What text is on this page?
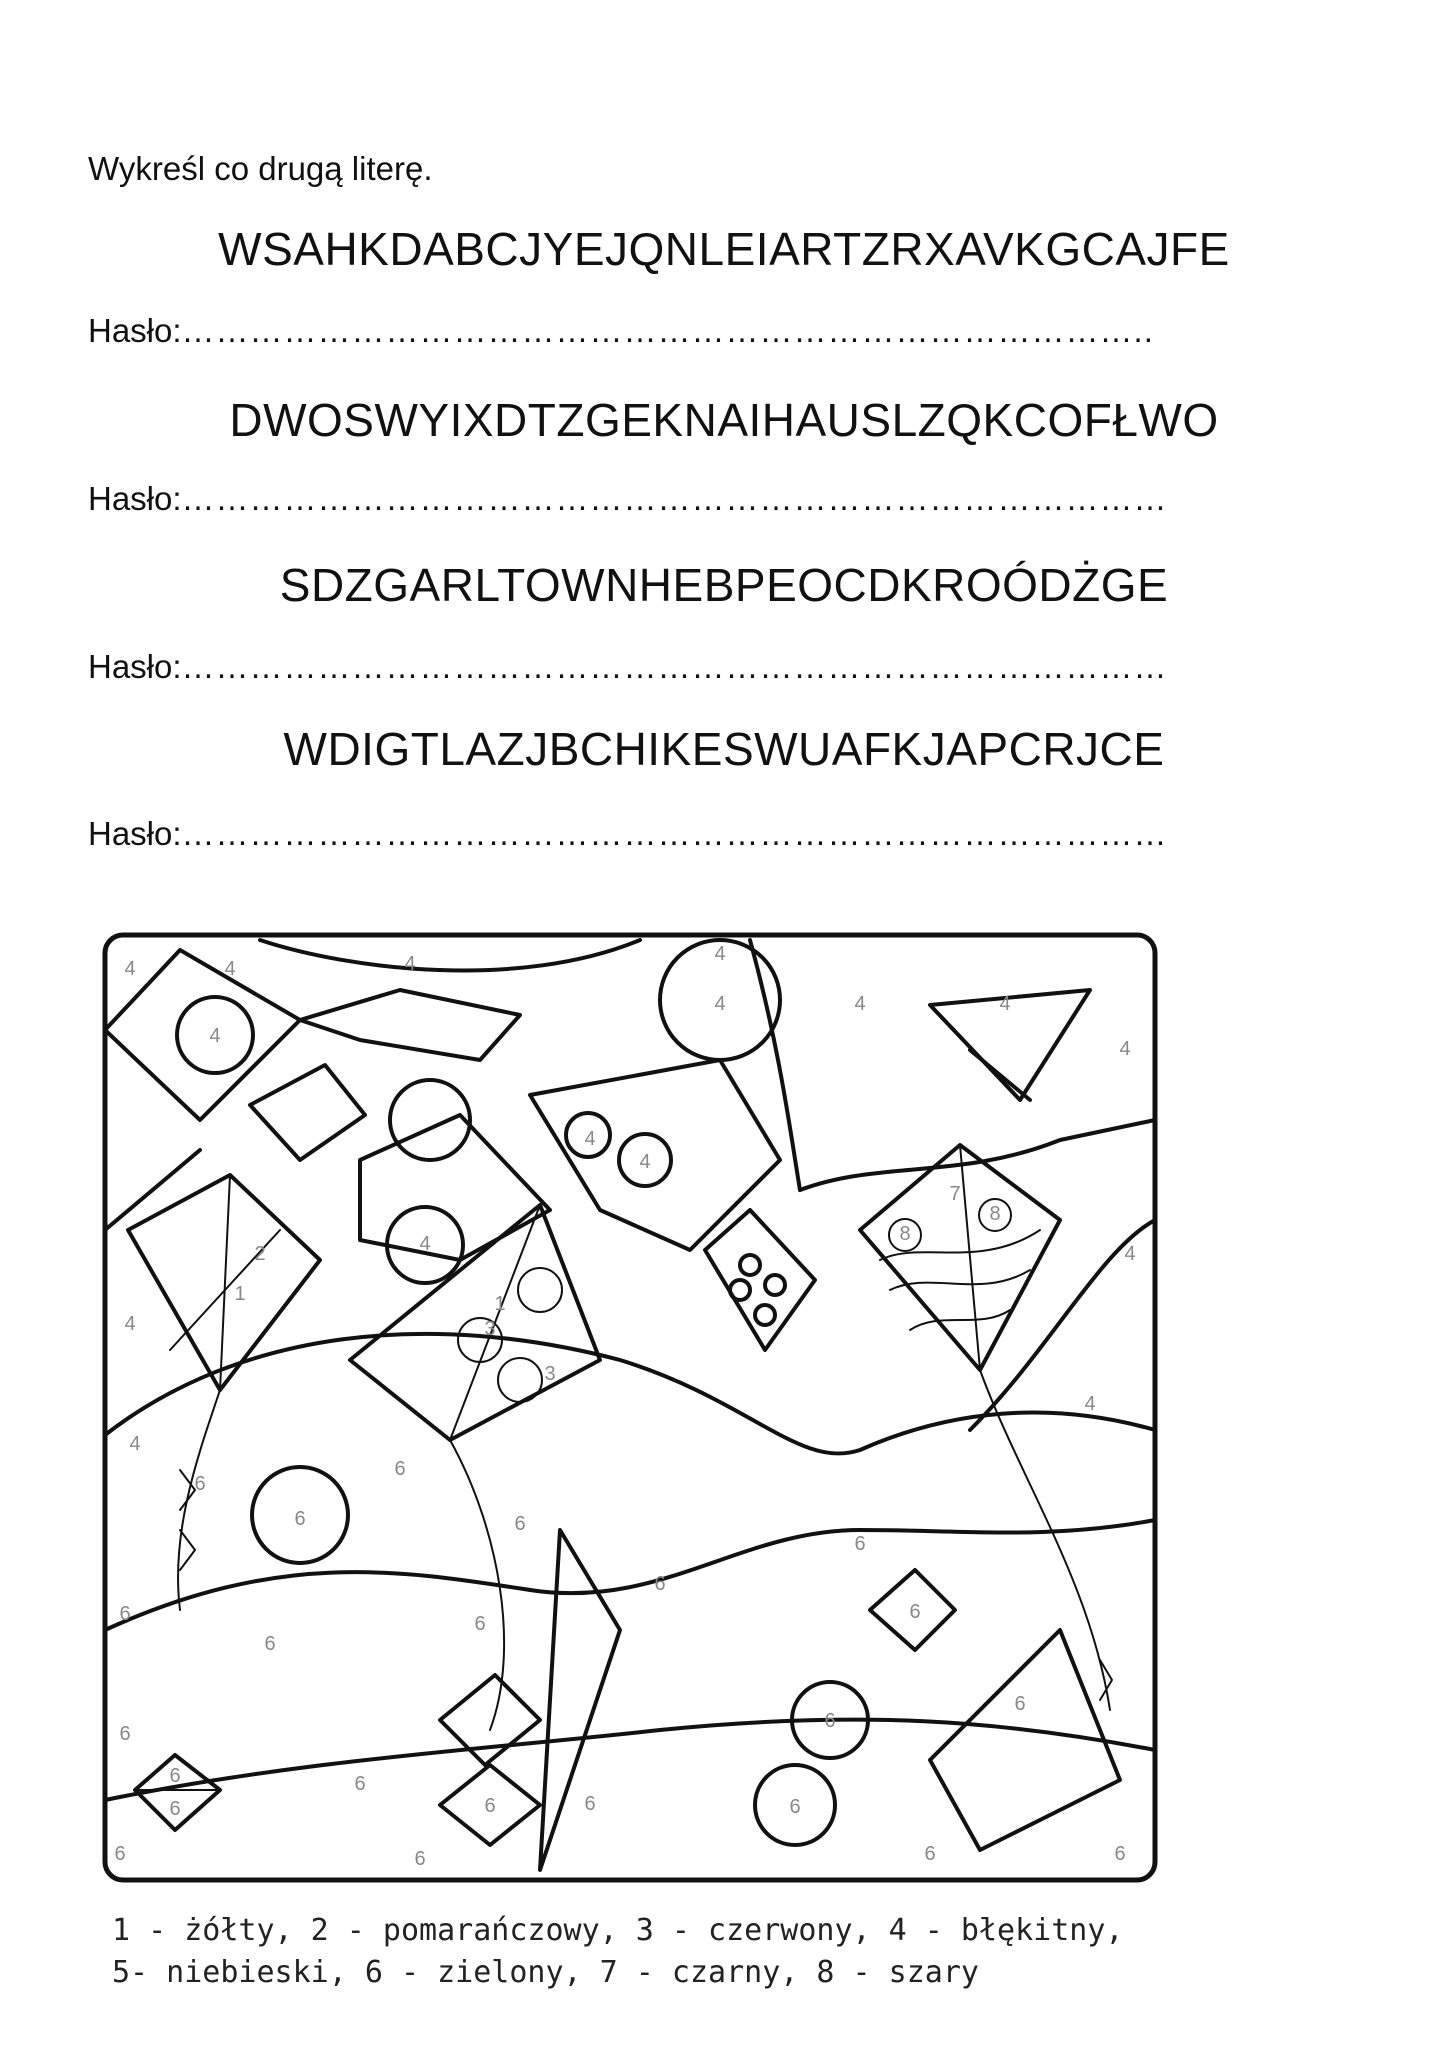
Wykreśl co drugą literę.
WSAHKDABCJYEJQNLEIARTZRXAVKGCAJFE
Hasło:…………………………………………………………………………..
DWOSWYIXDTZGEKNAIHAUSLZQKCOFŁWO
Hasło:……………………………………………………………………………
SDZGARLTOWNHEBPEOCDKROÓDŻGE
Hasło:……………………………………………………………………………
WDIGTLAZJBCHIKESWUAFKJAPCRJCE
Hasło:……………………………………………………………………………
4	4	4	4
4
4
4	4
4
4
4
4
4
4
4
4
1	1
3
3
2
7
8
8
6
6
6
6
6
6
6
6
6
6
6
6
6
6
6	6	6
6
6
6
6	6	6
1 - żółty, 2 - pomarańczowy, 3 - czerwony, 4 - błękitny,
5- niebieski, 6 - zielony, 7 - czarny, 8 - szary
